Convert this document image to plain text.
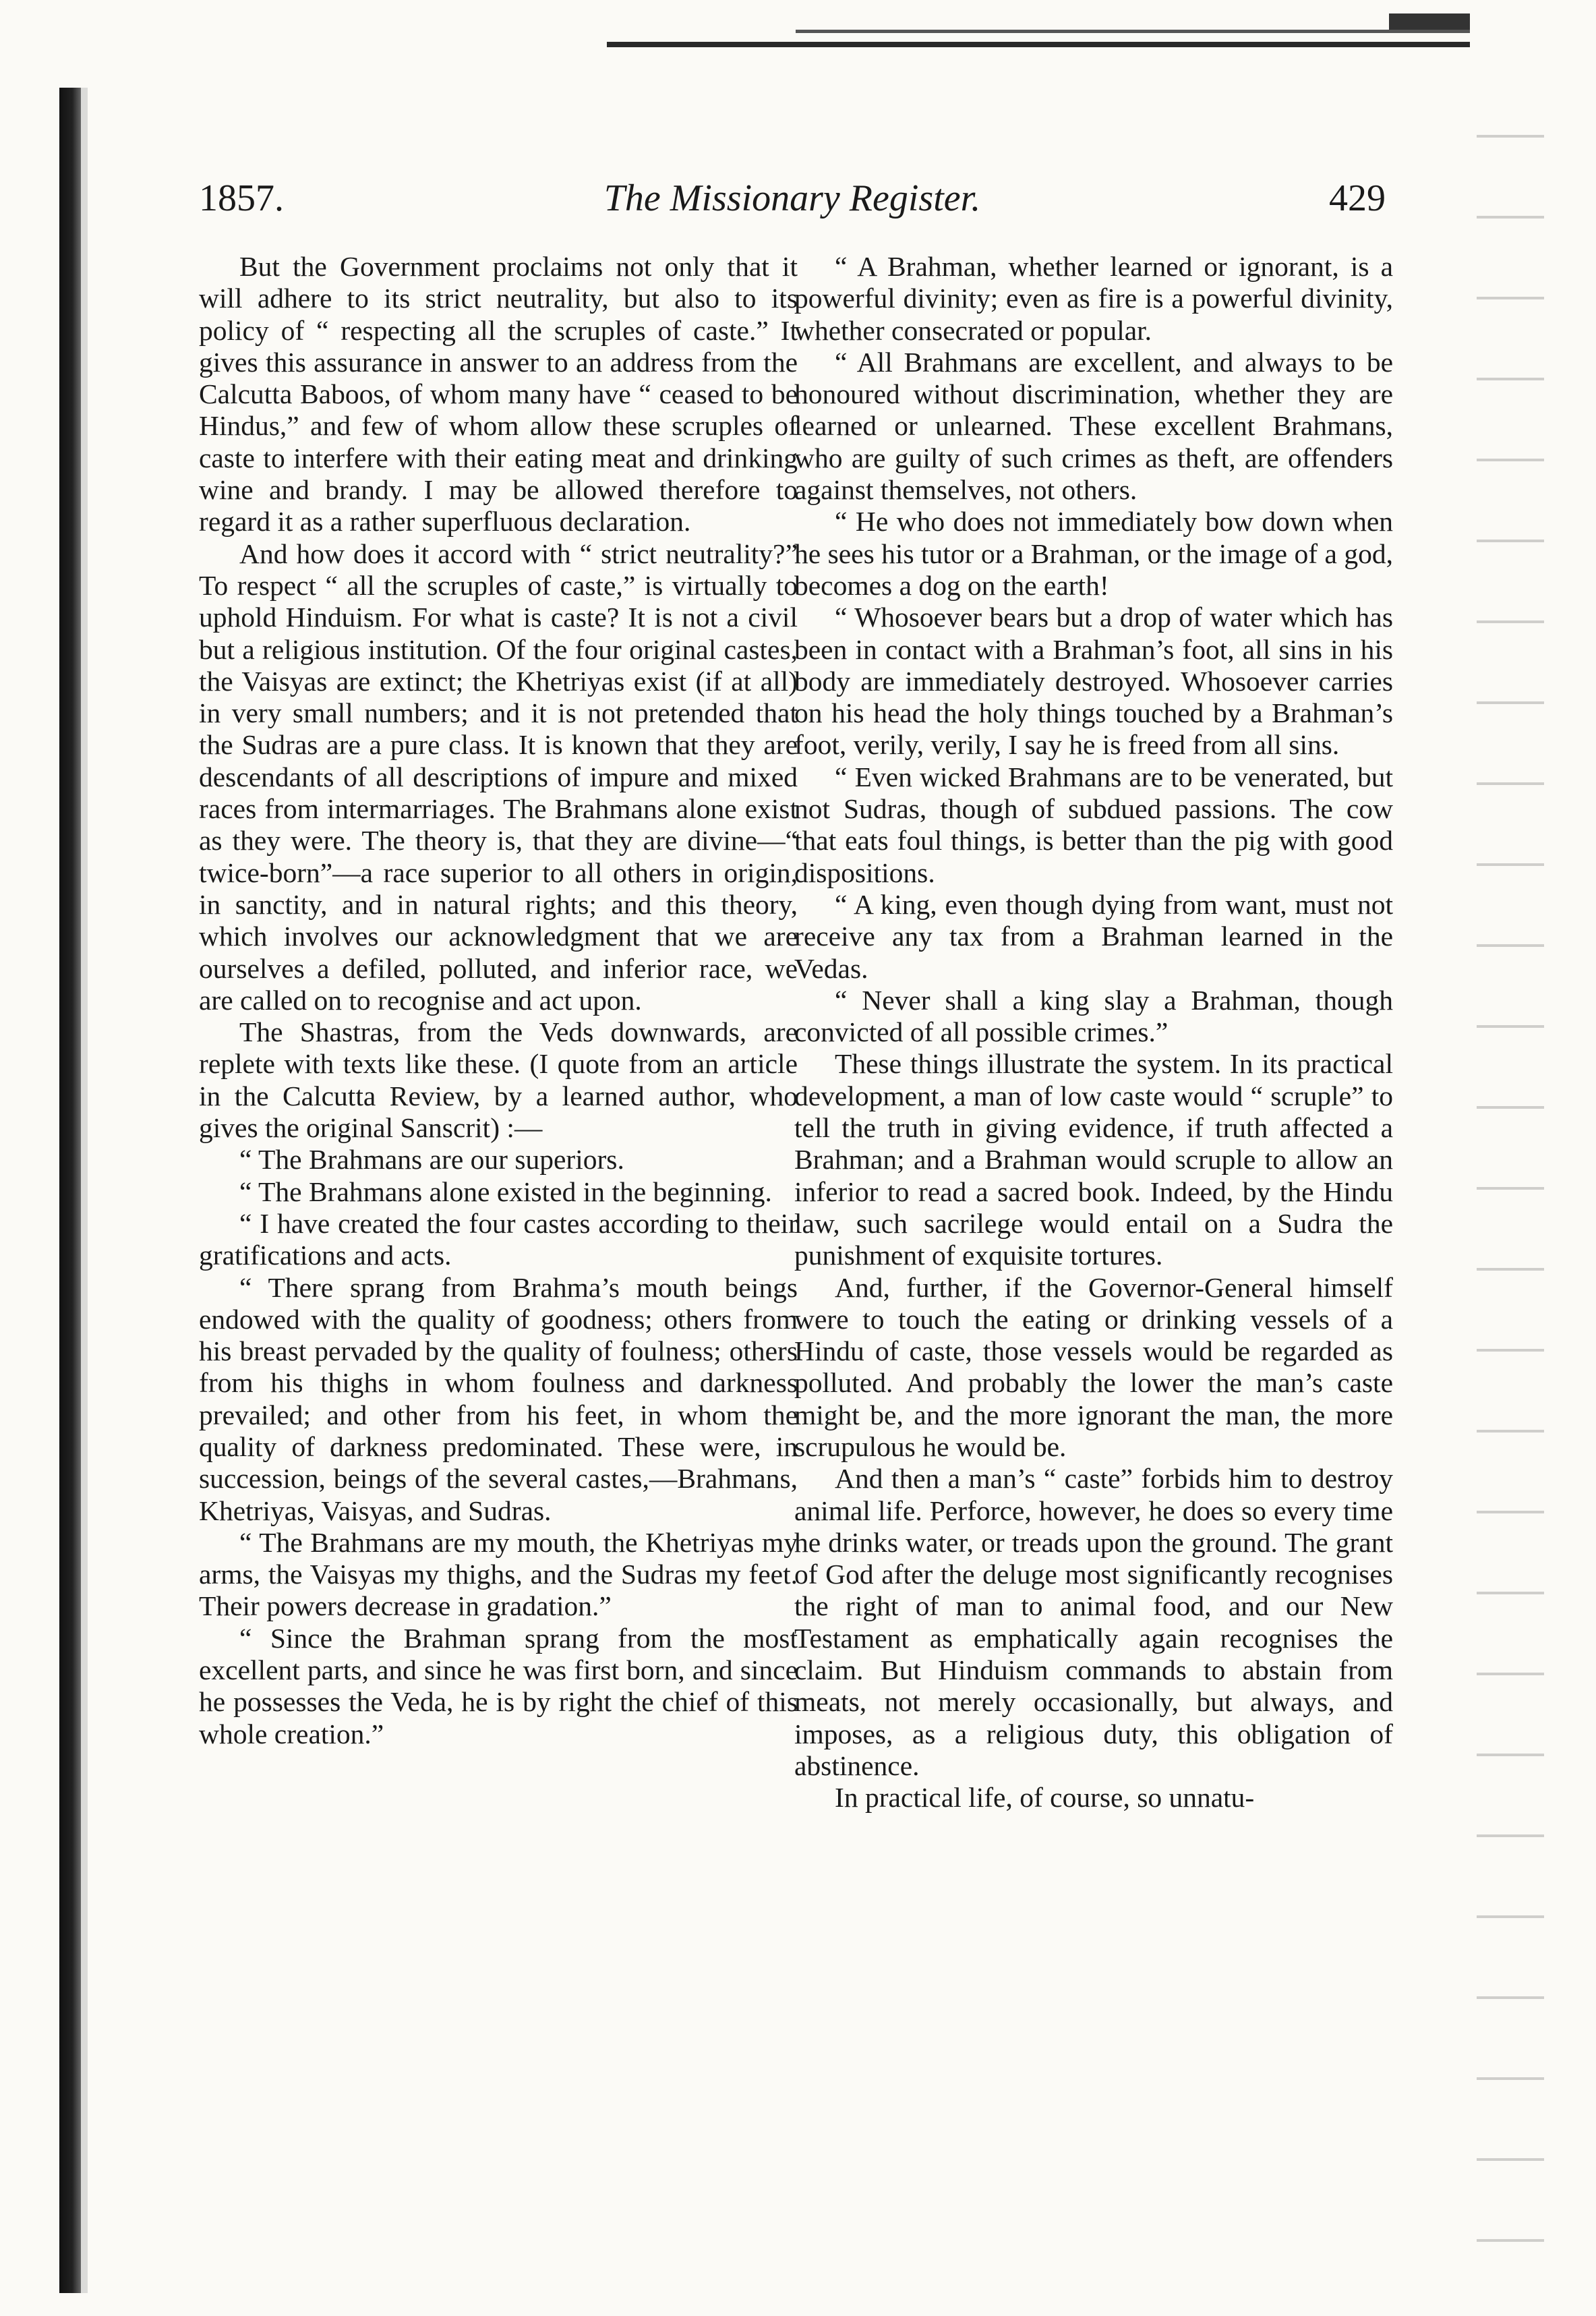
1857.	The Missionary Register.	429

But the Government proclaims not only that it will adhere to its strict neutrality, but also to its policy of “ respecting all the scruples of caste.” It gives this assurance in answer to an address from the Calcutta Baboos, of whom many have “ ceased to be Hindus,” and few of whom allow these scruples of caste to interfere with their eating meat and drinking wine and brandy. I may be allowed therefore to regard it as a rather superfluous declaration.

And how does it accord with “ strict neutrality?” To respect “ all the scruples of caste,” is virtually to uphold Hinduism. For what is caste? It is not a civil but a religious institution. Of the four original castes, the Vaisyas are extinct; the Khetriyas exist (if at all) in very small numbers; and it is not pretended that the Sudras are a pure class. It is known that they are descendants of all descriptions of impure and mixed races from intermarriages. The Brahmans alone exist as they were. The theory is, that they are divine—“ twice-born”—a race superior to all others in origin, in sanctity, and in natural rights; and this theory, which involves our acknowledgment that we are ourselves a defiled, polluted, and inferior race, we are called on to recognise and act upon.

The Shastras, from the Veds downwards, are replete with texts like these. (I quote from an article in the Calcutta Review, by a learned author, who gives the original Sanscrit) :—

“ The Brahmans are our superiors.

“ The Brahmans alone existed in the beginning.

“ I have created the four castes according to their gratifications and acts.

“ There sprang from Brahma’s mouth beings endowed with the quality of goodness; others from his breast pervaded by the quality of foulness; others from his thighs in whom foulness and darkness prevailed; and other from his feet, in whom the quality of darkness predominated. These were, in succession, beings of the several castes,—Brahmans, Khetriyas, Vaisyas, and Sudras.

“ The Brahmans are my mouth, the Khetriyas my arms, the Vaisyas my thighs, and the Sudras my feet. Their powers decrease in gradation.”

“ Since the Brahman sprang from the most excellent parts, and since he was first born, and since he possesses the Veda, he is by right the chief of this whole creation.”

“ A Brahman, whether learned or ignorant, is a powerful divinity; even as fire is a powerful divinity, whether consecrated or popular.

“ All Brahmans are excellent, and always to be honoured without discrimination, whether they are learned or unlearned. These excellent Brahmans, who are guilty of such crimes as theft, are offenders against themselves, not others.

“ He who does not immediately bow down when he sees his tutor or a Brahman, or the image of a god, becomes a dog on the earth!

“ Whosoever bears but a drop of water which has been in contact with a Brahman’s foot, all sins in his body are immediately destroyed. Whosoever carries on his head the holy things touched by a Brahman’s foot, verily, verily, I say he is freed from all sins.

“ Even wicked Brahmans are to be venerated, but not Sudras, though of subdued passions. The cow that eats foul things, is better than the pig with good dispositions.

“ A king, even though dying from want, must not receive any tax from a Brahman learned in the Vedas.

“ Never shall a king slay a Brahman, though convicted of all possible crimes.”

These things illustrate the system. In its practical development, a man of low caste would “ scruple” to tell the truth in giving evidence, if truth affected a Brahman; and a Brahman would scruple to allow an inferior to read a sacred book. Indeed, by the Hindu law, such sacrilege would entail on a Sudra the punishment of exquisite tortures.

And, further, if the Governor-General himself were to touch the eating or drinking vessels of a Hindu of caste, those vessels would be regarded as polluted. And probably the lower the man’s caste might be, and the more ignorant the man, the more scrupulous he would be.

And then a man’s “ caste” forbids him to destroy animal life. Perforce, however, he does so every time he drinks water, or treads upon the ground. The grant of God after the deluge most significantly recognises the right of man to animal food, and our New Testament as emphatically again recognises the claim. But Hinduism commands to abstain from meats, not merely occasionally, but always, and imposes, as a religious duty, this obligation of abstinence.

In practical life, of course, so unnatu-
